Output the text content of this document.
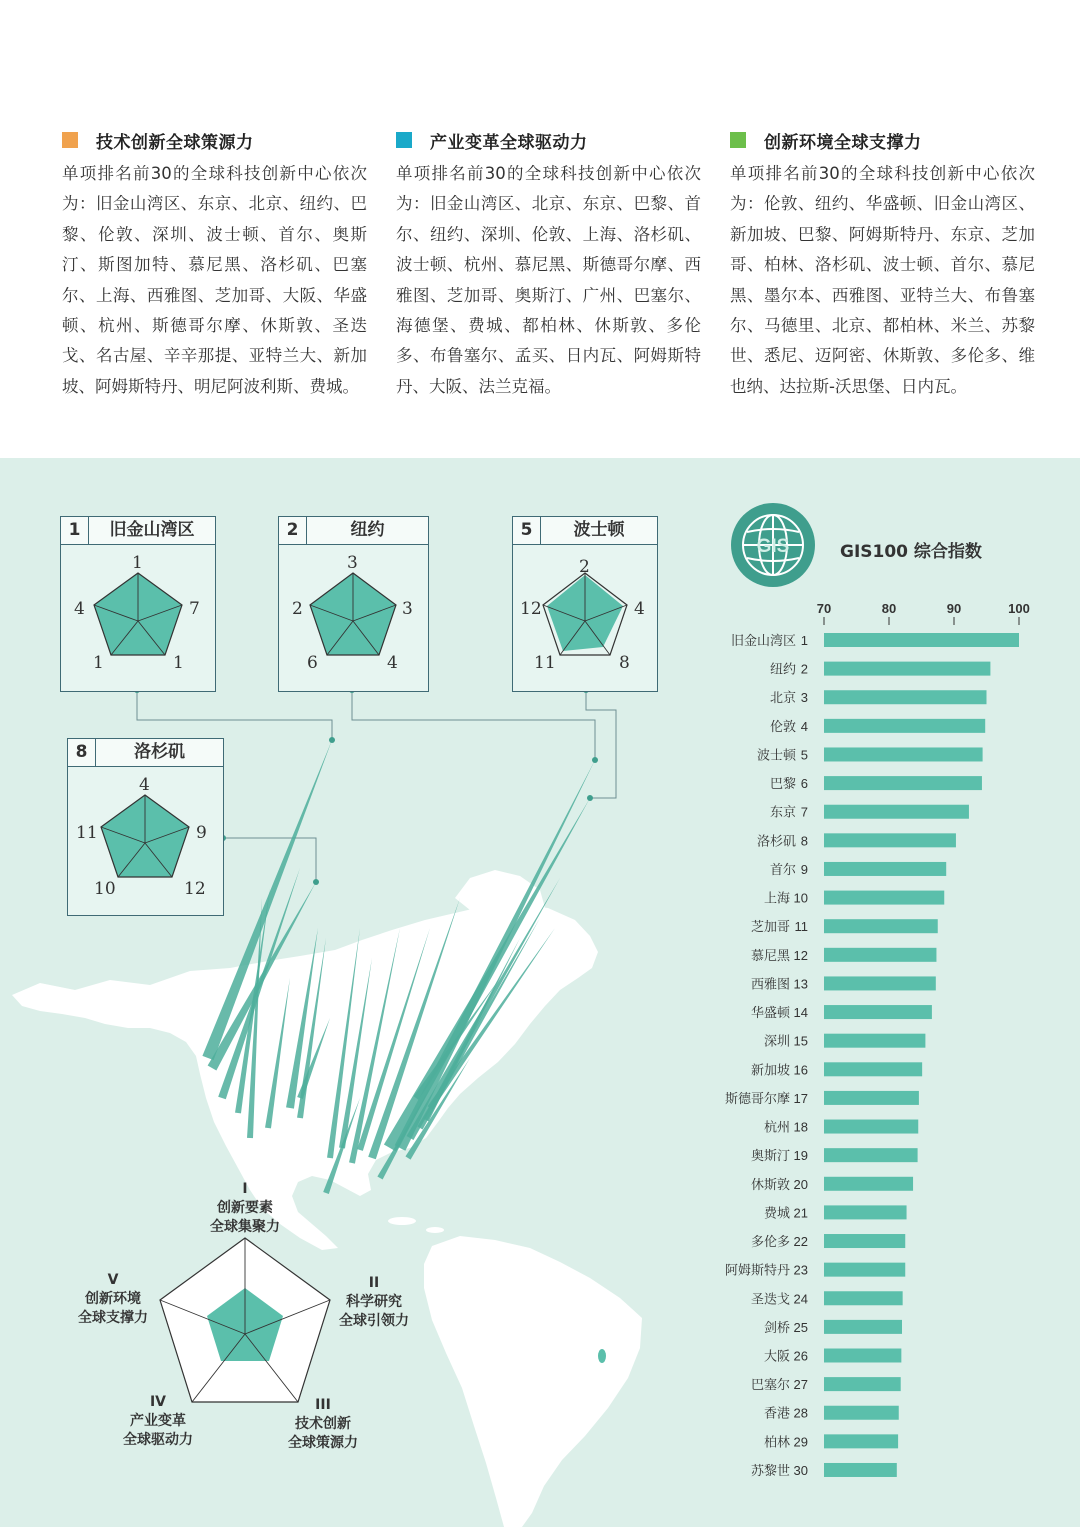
技术创新全球策源力
单项排名前30的全球科技创新中心依次为：旧金山湾区、东京、北京、纽约、巴黎、伦敦、深圳、波士顿、首尔、奥斯汀、斯图加特、慕尼黑、洛杉矶、巴塞尔、上海、西雅图、芝加哥、大阪、华盛顿、杭州、斯德哥尔摩、休斯敦、圣迭戈、名古屋、辛辛那提、亚特兰大、新加坡、阿姆斯特丹、明尼阿波利斯、费城。
产业变革全球驱动力
单项排名前30的全球科技创新中心依次为：旧金山湾区、北京、东京、巴黎、首尔、纽约、深圳、伦敦、上海、洛杉矶、波士顿、杭州、慕尼黑、斯德哥尔摩、西雅图、芝加哥、奥斯汀、广州、巴塞尔、海德堡、费城、都柏林、休斯敦、多伦多、布鲁塞尔、孟买、日内瓦、阿姆斯特丹、大阪、法兰克福。
创新环境全球支撑力
单项排名前30的全球科技创新中心依次为：伦敦、纽约、华盛顿、旧金山湾区、新加坡、巴黎、阿姆斯特丹、东京、芝加哥、柏林、洛杉矶、波士顿、首尔、慕尼黑、墨尔本、西雅图、亚特兰大、布鲁塞尔、马德里、北京、都柏林、米兰、苏黎世、悉尼、迈阿密、休斯敦、多伦多、维也纳、达拉斯-沃思堡、日内瓦。
1	旧金山湾区
1
7
1
1
4
2	纽约
3
3
4
6
2
5	波士顿
2
4
8
11
12
8	洛杉矶
4
9
12
10
11
I
创新要素
全球集聚力
II
科学研究
全球引领力
III
技术创新
全球策源力
IV
产业变革
全球驱动力
V
创新环境
全球支撑力
GIS	GIS100 综合指数
70	80	90	100
1
旧金山湾区
2
纽约
3
北京
4
伦敦
5
波士顿
6
巴黎
7
东京
8
洛杉矶
9
首尔
10
上海
11
芝加哥
12
慕尼黑
13
西雅图
14
华盛顿
15
深圳
16
新加坡
17
斯德哥尔摩
18
杭州
19
奥斯汀
20
休斯敦
21
费城
22
多伦多
23
阿姆斯特丹
24
圣迭戈
25
剑桥
26
大阪
27
巴塞尔
28
香港
29
柏林
30
苏黎世
